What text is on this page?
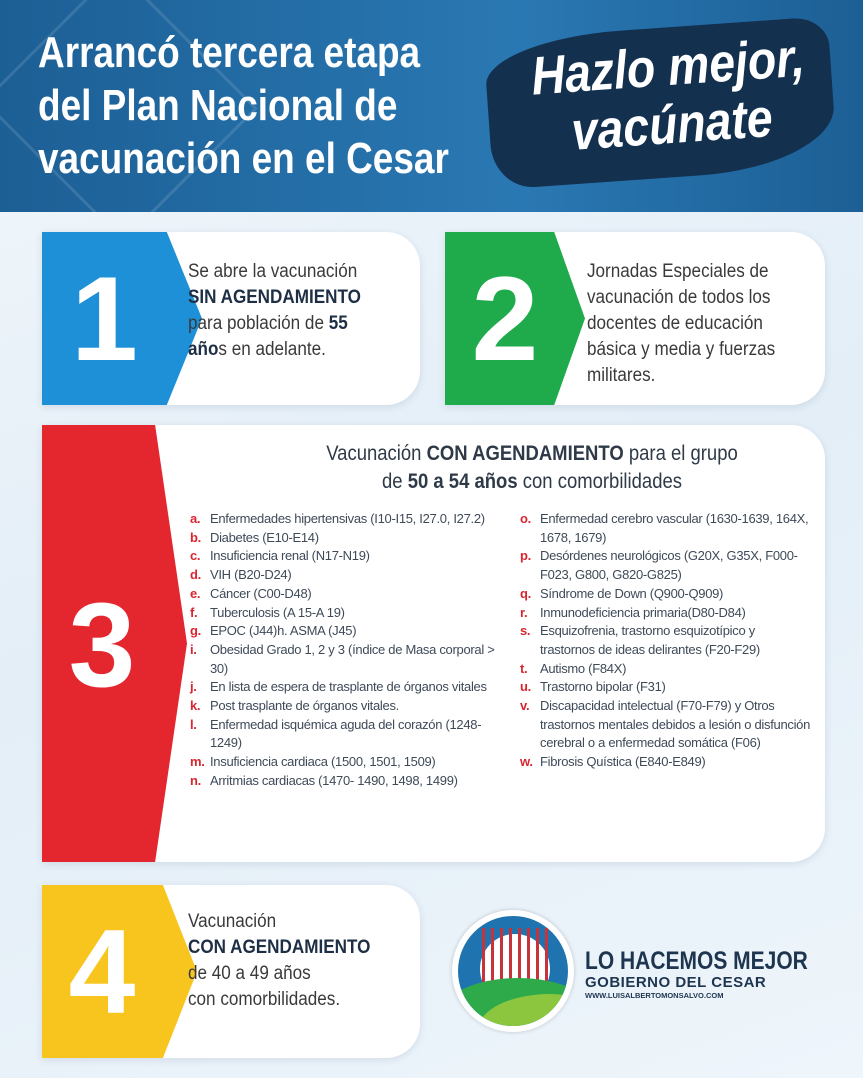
Arrancó tercera etapa
del Plan Nacional de
vacunación en el Cesar
Hazlo mejor,
vacúnate
1	Se abre la vacunación
SIN AGENDAMIENTO
para población de 55
años en adelante.	2	Jornadas Especiales de vacunación de todos los docentes de educación básica y media y fuerzas militares.
3
Vacunación CON AGENDAMIENTO para el grupo
de 50 a 54 años con comorbilidades
a. Enfermedades hipertensivas (I10-I15, I27.0, I27.2)
b. Diabetes (E10-E14)
c. Insuficiencia renal (N17-N19)
d. VIH (B20-D24)
e. Cáncer (C00-D48)
f. Tuberculosis (A 15-A 19)
g. EPOC (J44)h. ASMA (J45)
i. Obesidad Grado 1, 2 y 3 (índice de Masa corporal > 30)
j. En lista de espera de trasplante de órganos vitales
k. Post trasplante de órganos vitales.
l. Enfermedad isquémica aguda del corazón (1248-1249)
m. Insuficiencia cardiaca (1500, 1501, 1509)
n. Arritmias cardiacas (1470- 1490, 1498, 1499)
o. Enfermedad cerebro vascular (1630-1639, 164X, 1678, 1679)
p. Desórdenes neurológicos (G20X, G35X, F000-F023, G800, G820-G825)
q. Síndrome de Down (Q900-Q909)
r. Inmunodeficiencia primaria(D80-D84)
s. Esquizofrenia, trastorno esquizotípico y trastornos de ideas delirantes (F20-F29)
t. Autismo (F84X)
u. Trastorno bipolar (F31)
v. Discapacidad intelectual (F70-F79) y Otros trastornos mentales debidos a lesión o disfunción cerebral o a enfermedad somática (F06)
w. Fibrosis Quística (E840-E849)
4	Vacunación
CON AGENDAMIENTO
de 40 a 49 años
con comorbilidades.
LO HACEMOS MEJOR
GOBIERNO DEL CESAR
WWW.LUISALBERTOMONSALVO.COM
